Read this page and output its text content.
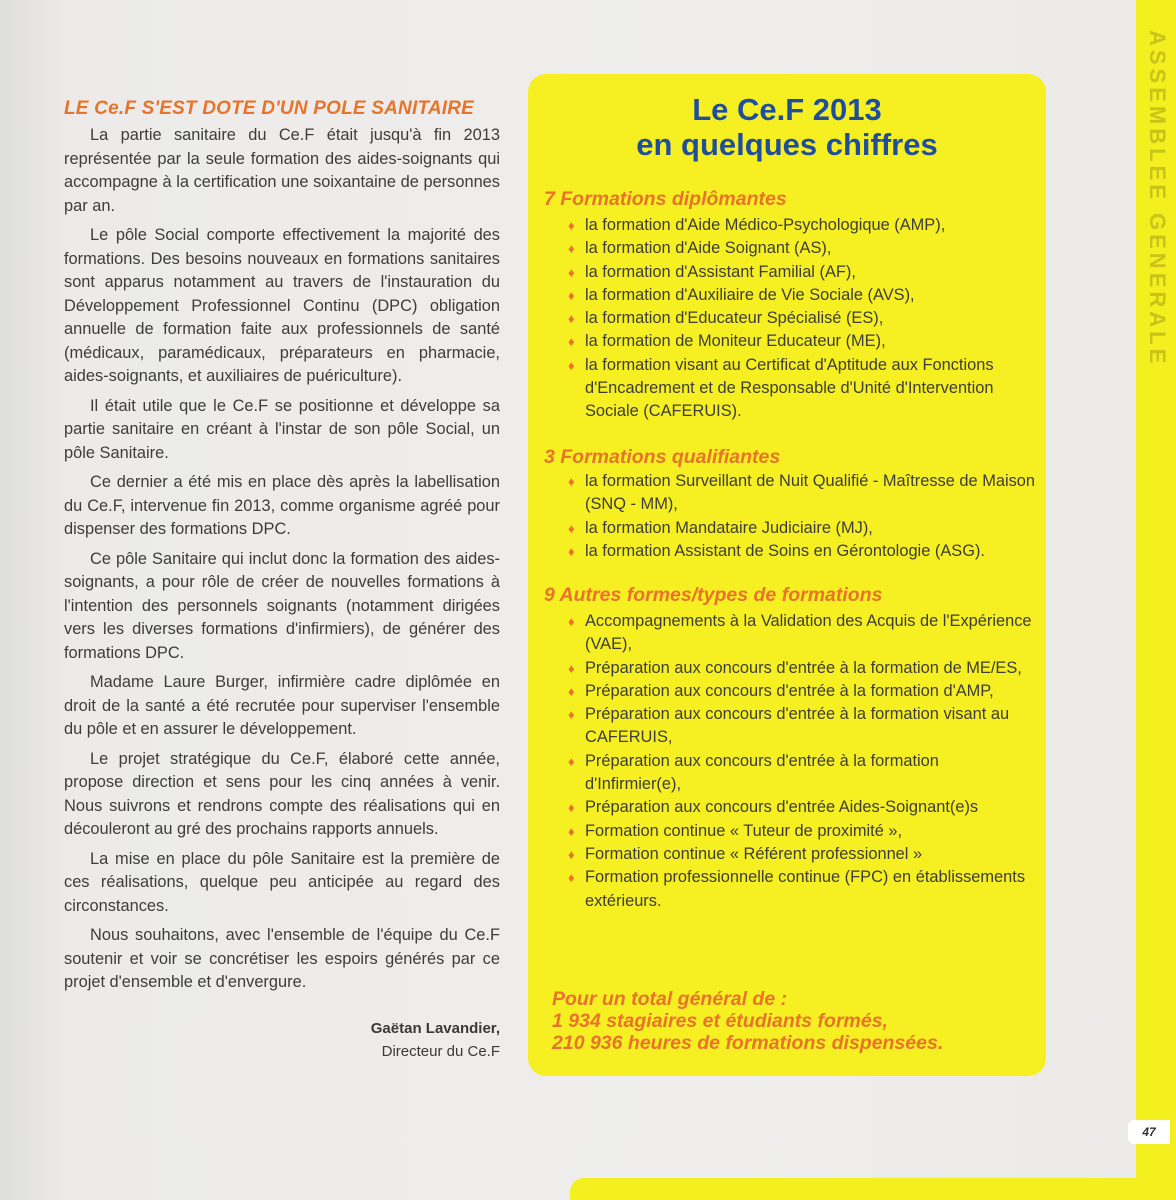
ASSEMBLEE GENERALE
LE Ce.F S'EST DOTE D'UN POLE SANITAIRE

La partie sanitaire du Ce.F était jusqu'à fin 2013 représentée par la seule formation des aides-soignants qui accompagne à la certification une soixantaine de personnes par an.

Le pôle Social comporte effectivement la majorité des formations. Des besoins nouveaux en formations sanitaires sont apparus notamment au travers de l'instauration du Développement Professionnel Continu (DPC) obligation annuelle de formation faite aux professionnels de santé (médicaux, paramédicaux, préparateurs en pharmacie, aides-soignants, et auxiliaires de puériculture).

Il était utile que le Ce.F se positionne et développe sa partie sanitaire en créant à l'instar de son pôle Social, un pôle Sanitaire.

Ce dernier a été mis en place dès après la labellisation du Ce.F, intervenue fin 2013, comme organisme agréé pour dispenser des formations DPC.

Ce pôle Sanitaire qui inclut donc la formation des aides-soignants, a pour rôle de créer de nouvelles formations à l'intention des personnels soignants (notamment dirigées vers les diverses formations d'infirmiers), de générer des formations DPC.

Madame Laure Burger, infirmière cadre diplômée en droit de la santé a été recrutée pour superviser l'ensemble du pôle et en assurer le développement.

Le projet stratégique du Ce.F, élaboré cette année, propose direction et sens pour les cinq années à venir. Nous suivrons et rendrons compte des réalisations qui en découleront au gré des prochains rapports annuels.

La mise en place du pôle Sanitaire est la première de ces réalisations, quelque peu anticipée au regard des circonstances.

Nous souhaitons, avec l'ensemble de l'équipe du Ce.F soutenir et voir se concrétiser les espoirs générés par ce projet d'ensemble et d'envergure.

Gaëtan Lavandier,
Directeur du Ce.F
Le Ce.F 2013
en quelques chiffres
7 Formations diplômantes
♦ la formation d'Aide Médico-Psychologique (AMP),
♦ la formation d'Aide Soignant (AS),
♦ la formation d'Assistant Familial (AF),
♦ la formation d'Auxiliaire de Vie Sociale (AVS),
♦ la formation d'Educateur Spécialisé (ES),
♦ la formation de Moniteur Educateur (ME),
♦ la formation visant au Certificat d'Aptitude aux Fonctions d'Encadrement et de Responsable d'Unité d'Intervention Sociale (CAFERUIS).
3 Formations qualifiantes
♦ la formation Surveillant de Nuit Qualifié - Maîtresse de Maison (SNQ - MM),
♦ la formation Mandataire Judiciaire (MJ),
♦ la formation Assistant de Soins en Gérontologie (ASG).
9 Autres formes/types de formations
♦ Accompagnements à la Validation des Acquis de l'Expérience (VAE),
♦ Préparation aux concours d'entrée à la formation de ME/ES,
♦ Préparation aux concours d'entrée à la formation d'AMP,
♦ Préparation aux concours d'entrée à la formation visant au CAFERUIS,
♦ Préparation aux concours d'entrée à la formation d'Infirmier(e),
♦ Préparation aux concours d'entrée Aides-Soignant(e)s
♦ Formation continue « Tuteur de proximité »,
♦ Formation continue « Référent professionnel »
♦ Formation professionnelle continue (FPC) en établissements extérieurs.
Pour un total général de :
1 934 stagiaires et étudiants formés,
210 936 heures de formations dispensées.
47
